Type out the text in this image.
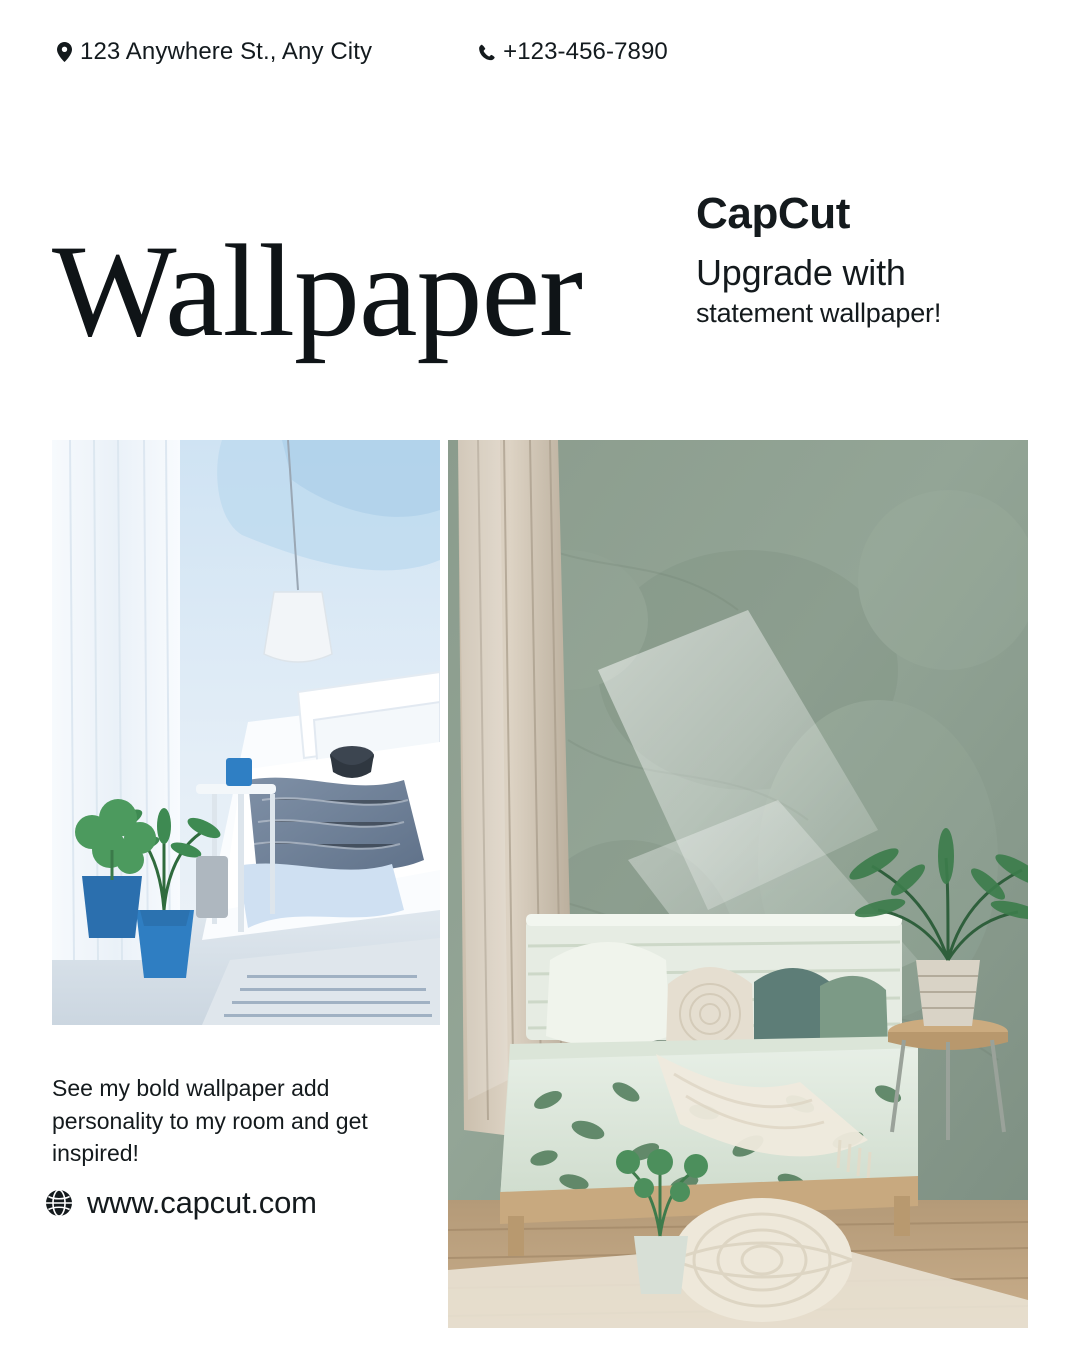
123 Anywhere St., Any City	+123-456-7890
Wallpaper
CapCut
Upgrade with
statement wallpaper!
See my bold wallpaper add personality to my room and get inspired!
www.capcut.com
